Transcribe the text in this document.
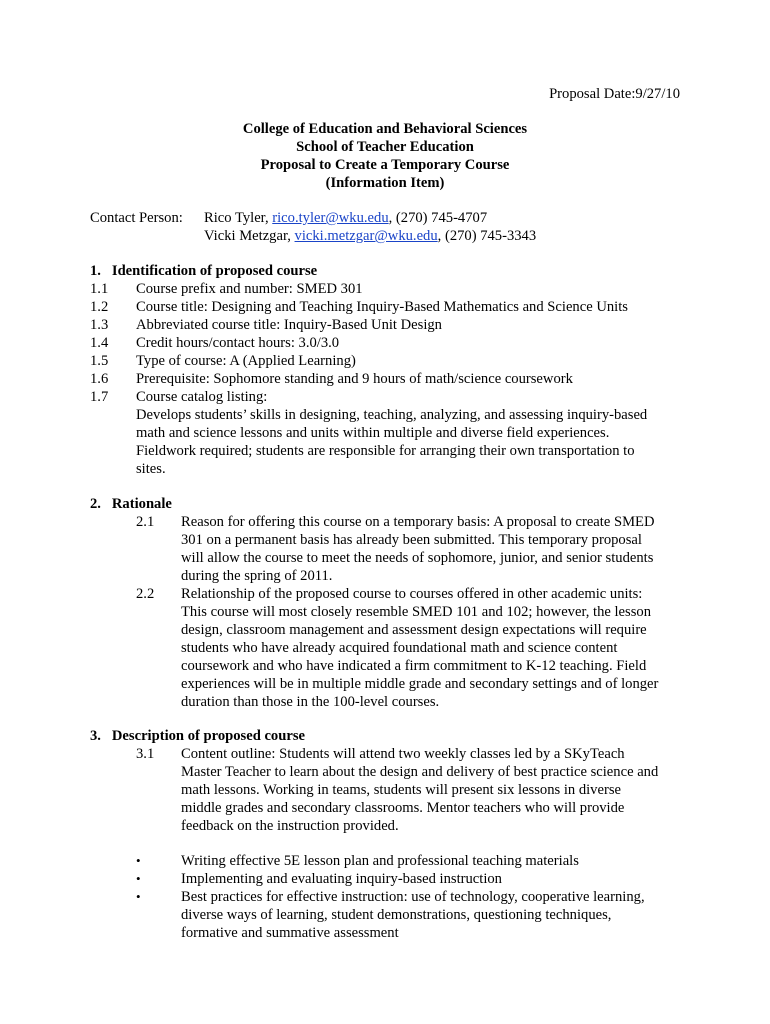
Proposal Date:9/27/10
College of Education and Behavioral Sciences
School of Teacher Education
Proposal to Create a Temporary Course
(Information Item)
Contact Person: Rico Tyler, rico.tyler@wku.edu, (270) 745-4707
Vicki Metzgar, vicki.metzgar@wku.edu, (270) 745-3343
1.   Identification of proposed course
1.1 Course prefix and number: SMED 301
1.2 Course title: Designing and Teaching Inquiry-Based Mathematics and Science Units
1.3 Abbreviated course title: Inquiry-Based Unit Design
1.4 Credit hours/contact hours: 3.0/3.0
1.5 Type of course: A (Applied Learning)
1.6 Prerequisite: Sophomore standing and 9 hours of math/science coursework
1.7 Course catalog listing:
Develops students’ skills in designing, teaching, analyzing, and assessing inquiry-based
math and science lessons and units within multiple and diverse field experiences.
Fieldwork required; students are responsible for arranging their own transportation to
sites.
2.   Rationale
2.1 Reason for offering this course on a temporary basis: A proposal to create SMED
301 on a permanent basis has already been submitted. This temporary proposal
will allow the course to meet the needs of sophomore, junior, and senior students
during the spring of 2011.
2.2 Relationship of the proposed course to courses offered in other academic units:
This course will most closely resemble SMED 101 and 102; however, the lesson
design, classroom management and assessment design expectations will require
students who have already acquired foundational math and science content
coursework and who have indicated a firm commitment to K-12 teaching. Field
experiences will be in multiple middle grade and secondary settings and of longer
duration than those in the 100-level courses.
3.   Description of proposed course
3.1 Content outline: Students will attend two weekly classes led by a SKyTeach
Master Teacher to learn about the design and delivery of best practice science and
math lessons. Working in teams, students will present six lessons in diverse
middle grades and secondary classrooms. Mentor teachers who will provide
feedback on the instruction provided.
•	Writing effective 5E lesson plan and professional teaching materials
•	Implementing and evaluating inquiry-based instruction
•	Best practices for effective instruction: use of technology, cooperative learning,
diverse ways of learning, student demonstrations, questioning techniques,
formative and summative assessment
